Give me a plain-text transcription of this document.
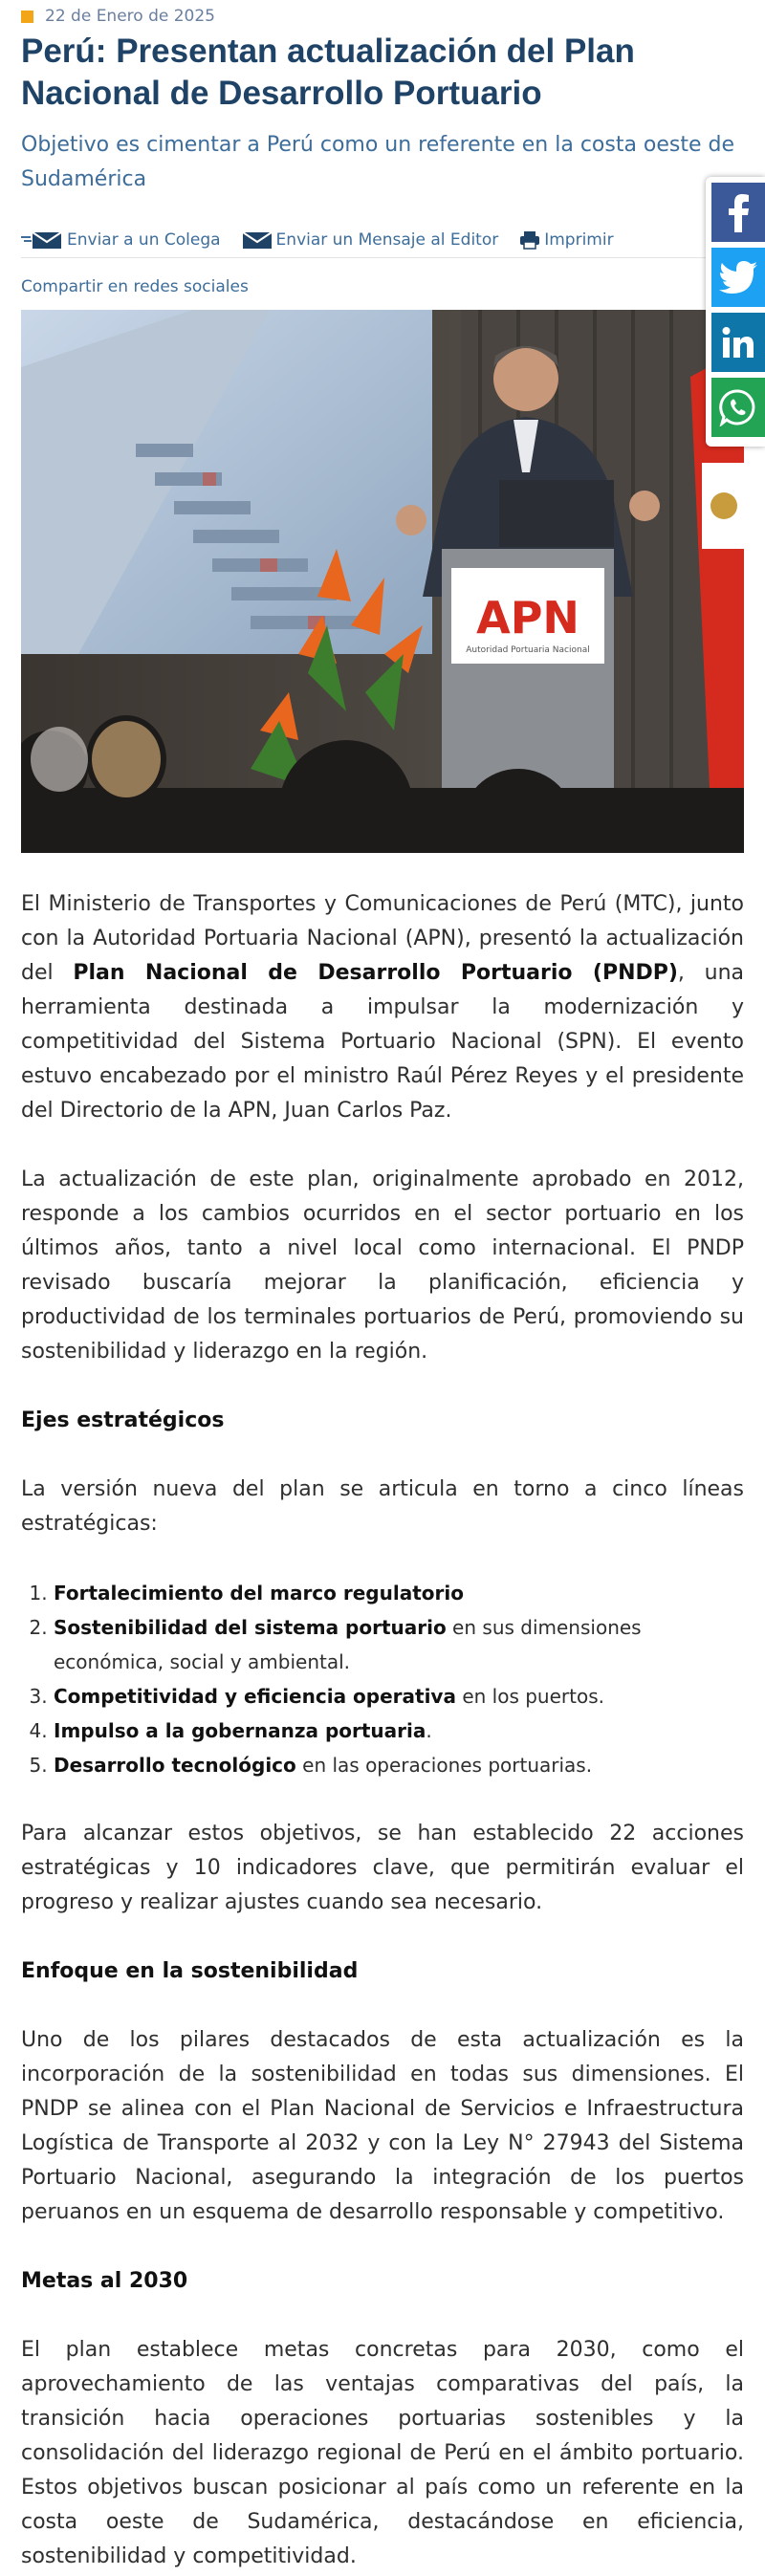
22 de Enero de 2025
Perú: Presentan actualización del Plan Nacional de Desarrollo Portuario
Objetivo es cimentar a Perú como un referente en la costa oeste de Sudamérica
Enviar a un Colega	Enviar un Mensaje al Editor	Imprimir
Compartir en redes sociales
APN
Autoridad Portuaria Nacional

El Ministerio de Transportes y Comunicaciones de Perú (MTC), junto con la Autoridad Portuaria Nacional (APN), presentó la actualización del Plan Nacional de Desarrollo Portuario (PNDP), una herramienta destinada a impulsar la modernización y competitividad del Sistema Portuario Nacional (SPN). El evento estuvo encabezado por el ministro Raúl Pérez Reyes y el presidente del Directorio de la APN, Juan Carlos Paz.

La actualización de este plan, originalmente aprobado en 2012, responde a los cambios ocurridos en el sector portuario en los últimos años, tanto a nivel local como internacional. El PNDP revisado buscaría mejorar la planificación, eficiencia y productividad de los terminales portuarios de Perú, promoviendo su sostenibilidad y liderazgo en la región.

Ejes estratégicos

La versión nueva del plan se articula en torno a cinco líneas estratégicas:

1. Fortalecimiento del marco regulatorio
2. Sostenibilidad del sistema portuario en sus dimensiones económica, social y ambiental.
3. Competitividad y eficiencia operativa en los puertos.
4. Impulso a la gobernanza portuaria.
5. Desarrollo tecnológico en las operaciones portuarias.

Para alcanzar estos objetivos, se han establecido 22 acciones estratégicas y 10 indicadores clave, que permitirán evaluar el progreso y realizar ajustes cuando sea necesario.

Enfoque en la sostenibilidad

Uno de los pilares destacados de esta actualización es la incorporación de la sostenibilidad en todas sus dimensiones. El PNDP se alinea con el Plan Nacional de Servicios e Infraestructura Logística de Transporte al 2032 y con la Ley N° 27943 del Sistema Portuario Nacional, asegurando la integración de los puertos peruanos en un esquema de desarrollo responsable y competitivo.

Metas al 2030

El plan establece metas concretas para 2030, como el aprovechamiento de las ventajas comparativas del país, la transición hacia operaciones portuarias sostenibles y la consolidación del liderazgo regional de Perú en el ámbito portuario. Estos objetivos buscan posicionar al país como un referente en la costa oeste de Sudamérica, destacándose en eficiencia, sostenibilidad y competitividad.
